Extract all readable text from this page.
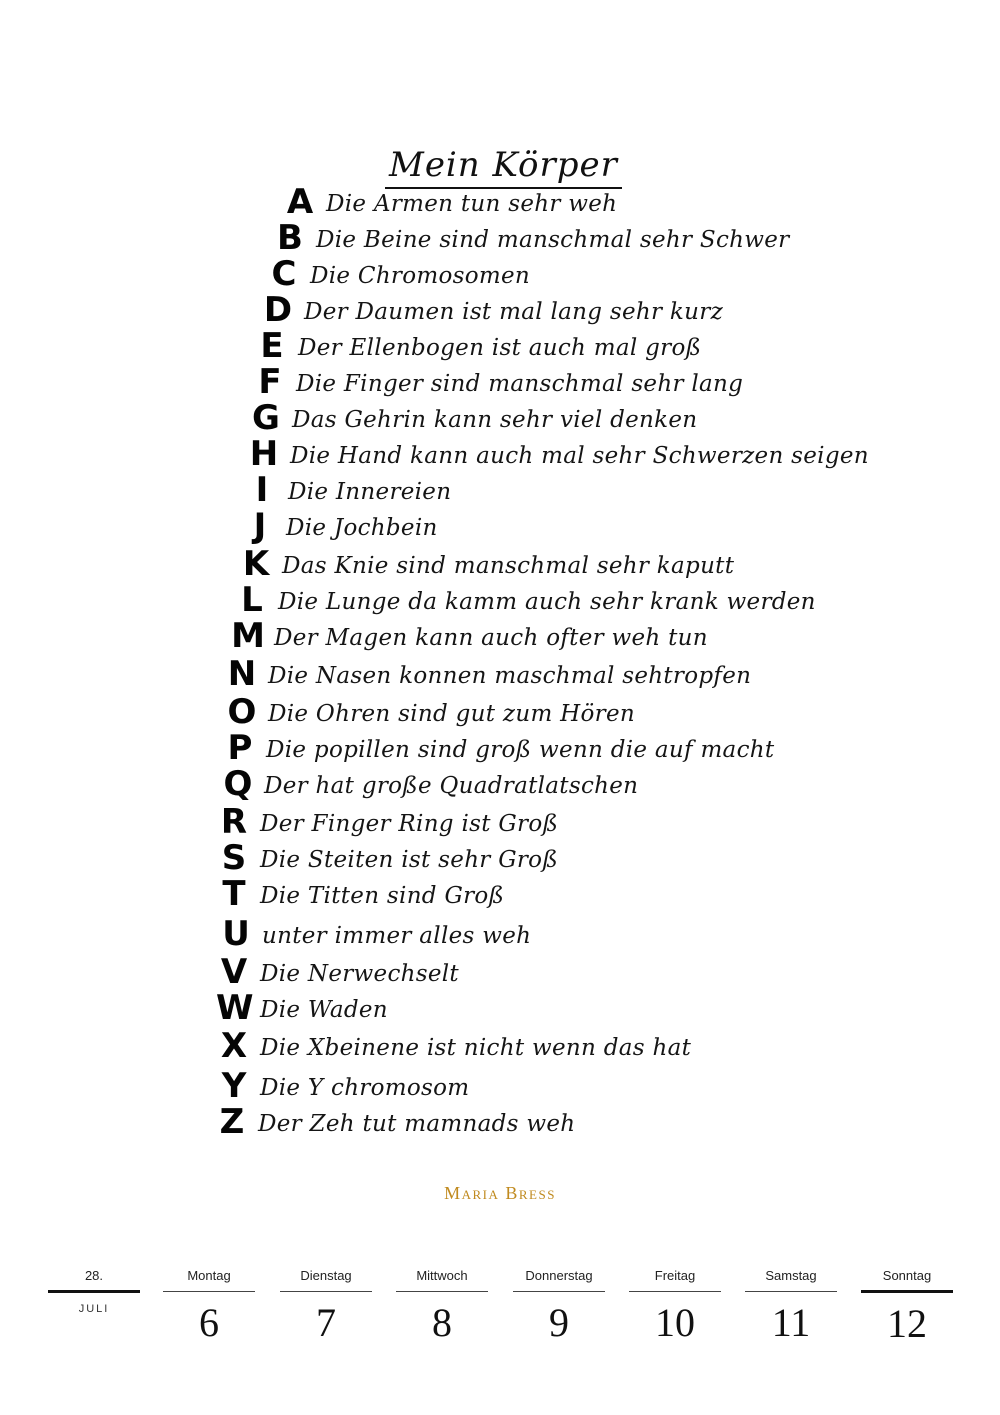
Mein Körper
A Die Armen tun sehr weh
B Die Beine sind manschmal sehr Schwer
C Die Chromosomen
D Der Daumen ist mal lang sehr kurz
E Der Ellenbogen ist auch mal groß
F Die Finger sind manschmal sehr lang
G Das Gehrin kann sehr viel denken
H Die Hand kann auch mal sehr Schwerzen seigen
I Die Innereien
J Die Jochbein
K Das Knie sind manschmal sehr kaputt
L Die Lunge da kamm auch sehr krank werden
M Der Magen kann auch ofter weh tun
N Die Nasen konnen maschmal sehtropfen
O Die Ohren sind gut zum Hören
P Die popillen sind groß wenn die auf macht
Q Der hat große Quadratlatschen
R Der Finger Ring ist Groß
S Die Steiten ist sehr Groß
T Die Titten sind Groß
U unter immer alles weh
V Die Nerwechselt
W Die Waden
X Die Xbeinene ist nicht wenn das hat
Y Die Y chromosom
Z Der Zeh tut mamnads weh
Maria Bress
28.
JULI
Montag
6
Dienstag
7
Mittwoch
8
Donnerstag
9
Freitag
10
Samstag
11
Sonntag
12
